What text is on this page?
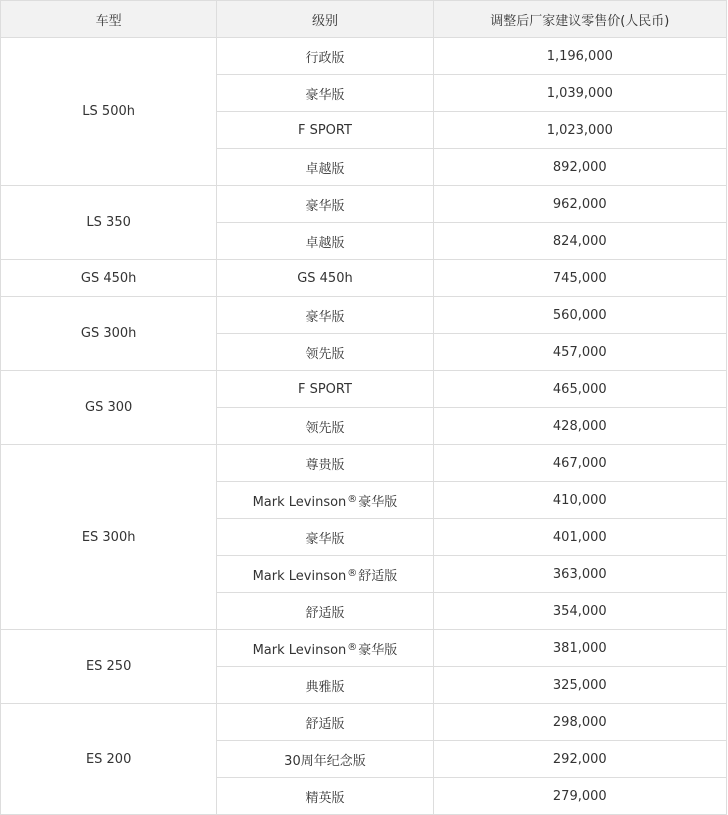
车型	级别	调整后厂家建议零售价(人民币)
LS 500h	行政版	1,196,000
	豪华版	1,039,000
	F SPORT	1,023,000
	卓越版	892,000
LS 350	豪华版	962,000
	卓越版	824,000
GS 450h	GS 450h	745,000
GS 300h	豪华版	560,000
	领先版	457,000
GS 300	F SPORT	465,000
	领先版	428,000
ES 300h	尊贵版	467,000
	Mark Levinson®豪华版	410,000
	豪华版	401,000
	Mark Levinson®舒适版	363,000
	舒适版	354,000
ES 250	Mark Levinson®豪华版	381,000
	典雅版	325,000
ES 200	舒适版	298,000
	30周年纪念版	292,000
	精英版	279,000
